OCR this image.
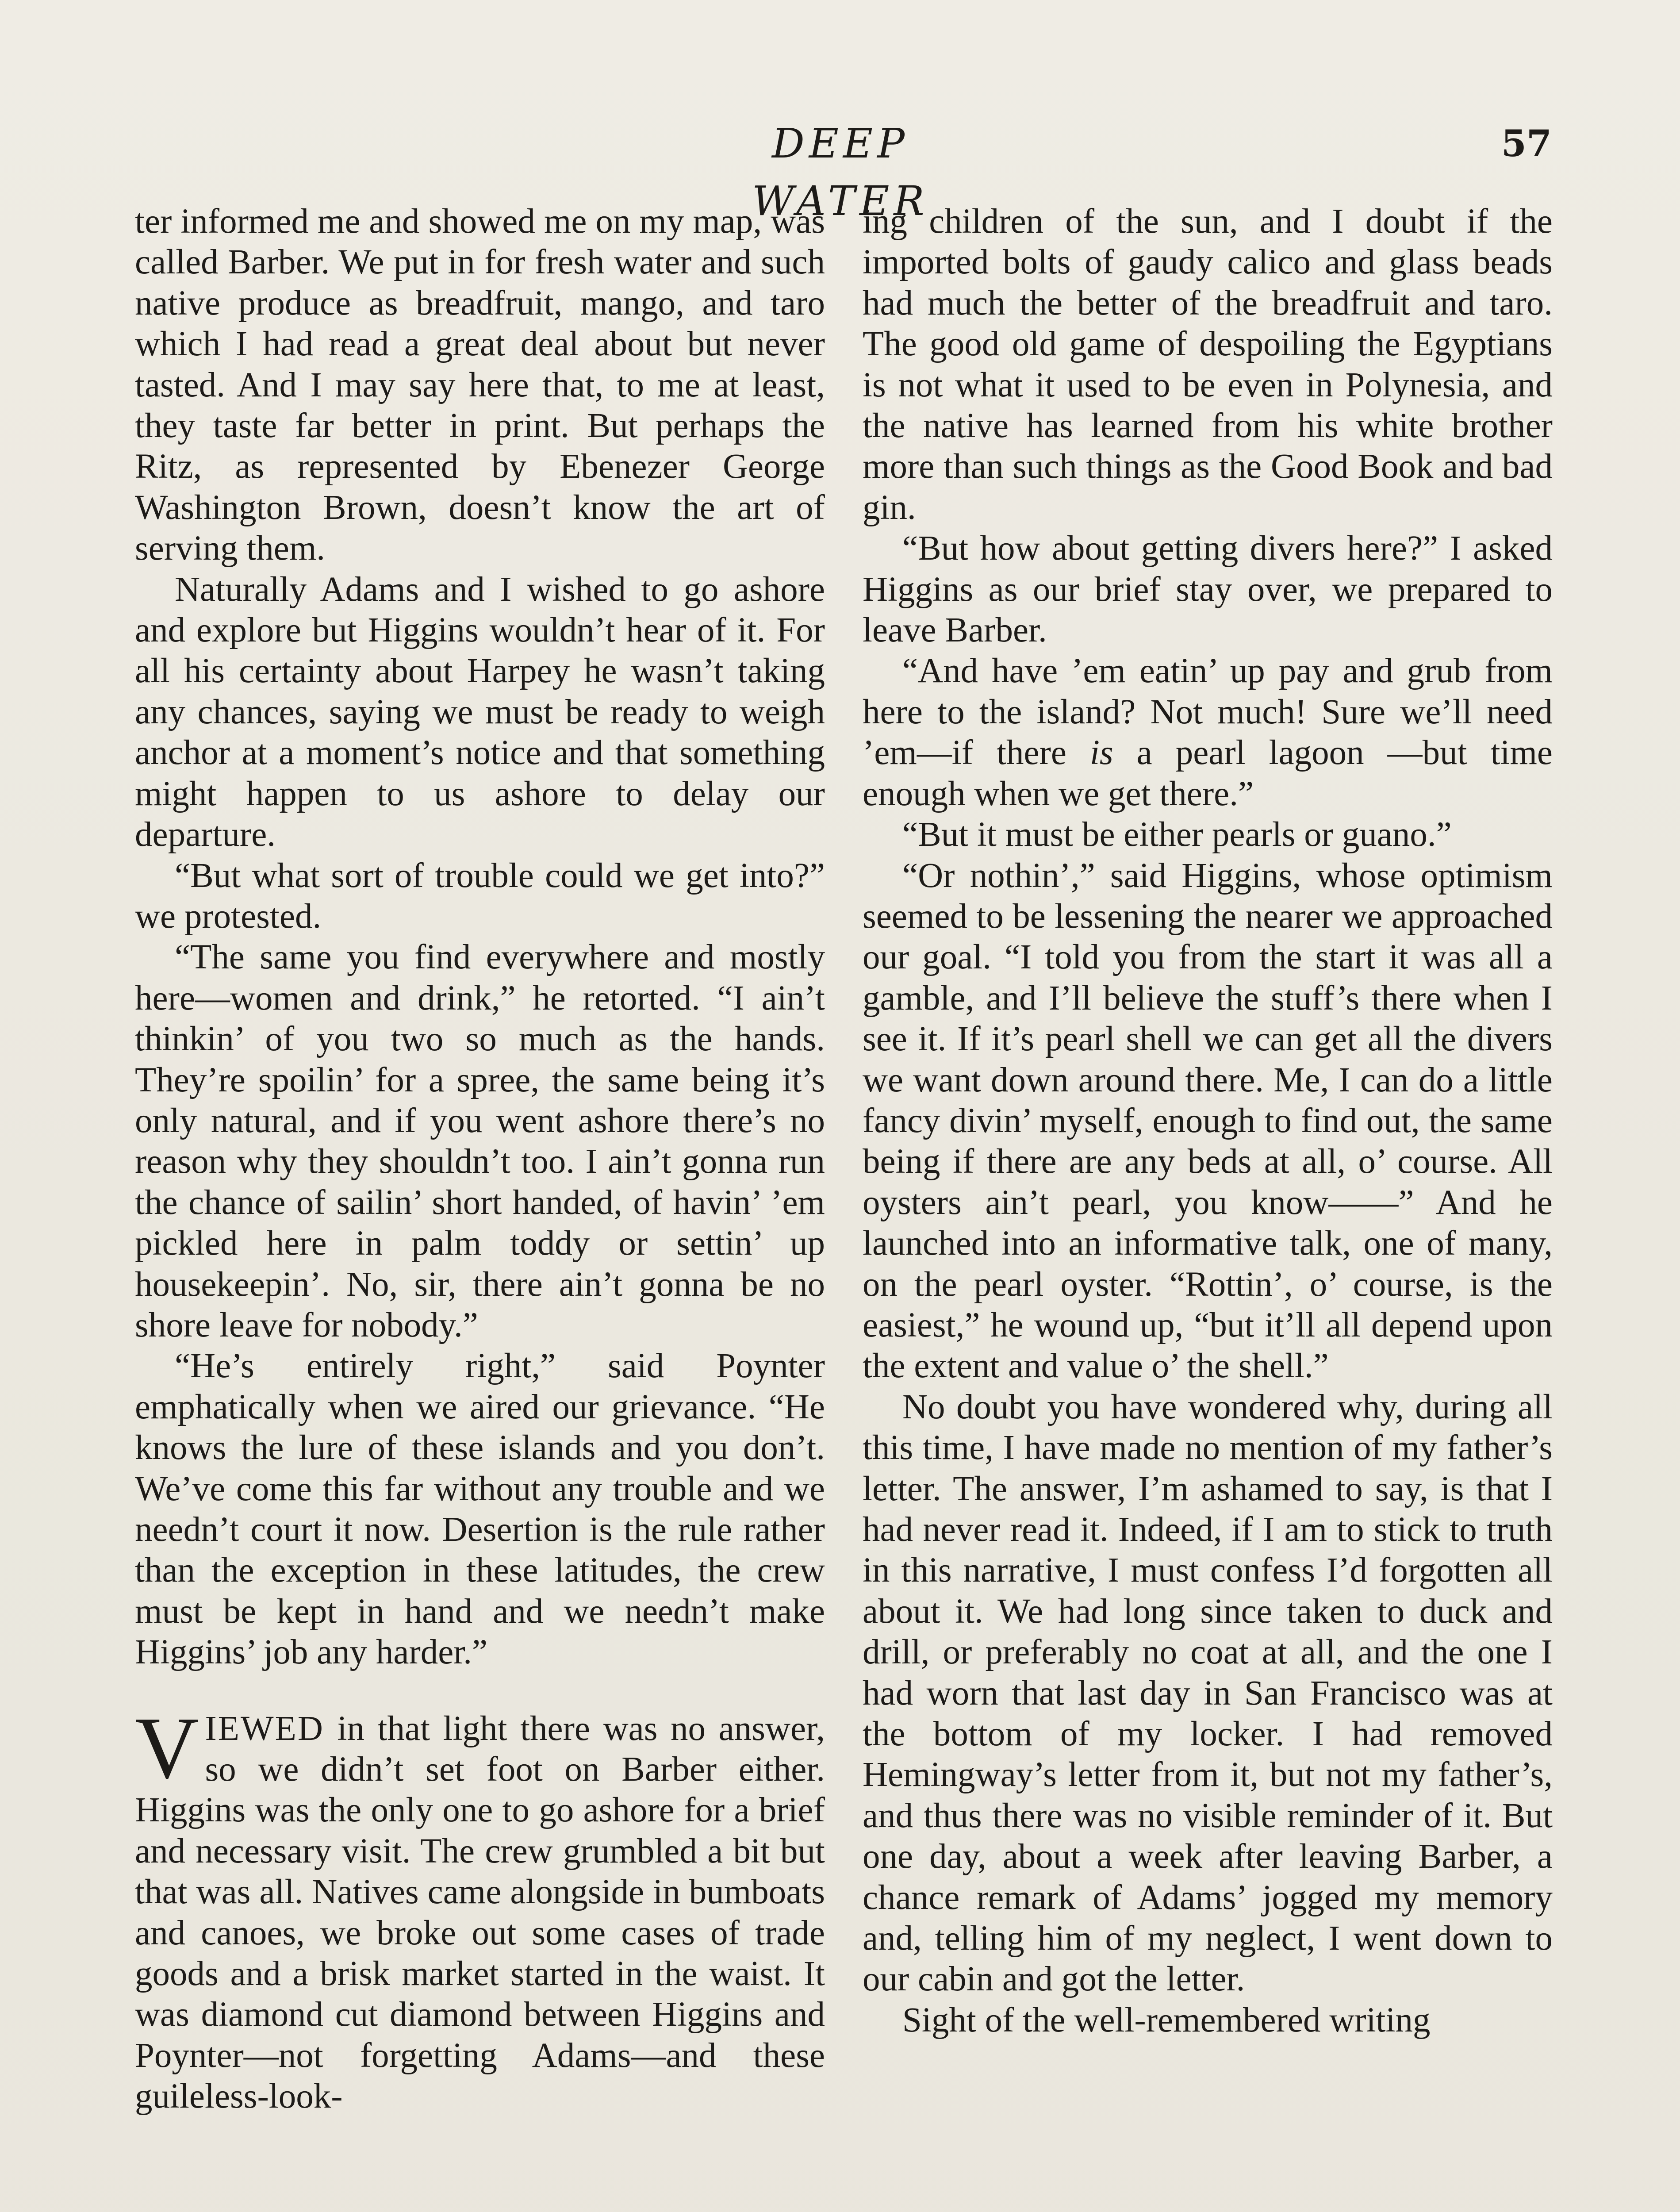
DEEP WATER
57

ter informed me and showed me on my map, was called Barber. We put in for fresh water and such native produce as breadfruit, mango, and taro which I had read a great deal about but never tasted. And I may say here that, to me at least, they taste far better in print. But perhaps the Ritz, as represented by Ebenezer George Washington Brown, doesn’t know the art of serving them.

Naturally Adams and I wished to go ashore and explore but Higgins wouldn’t hear of it. For all his certainty about Harpey he wasn’t taking any chances, saying we must be ready to weigh anchor at a moment’s notice and that something might happen to us ashore to delay our departure.

“But what sort of trouble could we get into?” we protested.

“The same you find everywhere and mostly here—women and drink,” he retorted. “I ain’t thinkin’ of you two so much as the hands. They’re spoilin’ for a spree, the same being it’s only natural, and if you went ashore there’s no reason why they shouldn’t too. I ain’t gonna run the chance of sailin’ short handed, of havin’ ’em pickled here in palm toddy or settin’ up housekeepin’. No, sir, there ain’t gonna be no shore leave for nobody.”

“He’s entirely right,” said Poynter emphatically when we aired our grievance. “He knows the lure of these islands and you don’t. We’ve come this far without any trouble and we needn’t court it now. Desertion is the rule rather than the exception in these latitudes, the crew must be kept in hand and we needn’t make Higgins’ job any harder.”

VIEWED in that light there was no answer, so we didn’t set foot on Barber either. Higgins was the only one to go ashore for a brief and necessary visit. The crew grumbled a bit but that was all. Natives came alongside in bumboats and canoes, we broke out some cases of trade goods and a brisk market started in the waist. It was diamond cut diamond between Higgins and Poynter—not forgetting Adams—and these guileless-look-

ing children of the sun, and I doubt if the imported bolts of gaudy calico and glass beads had much the better of the breadfruit and taro. The good old game of despoiling the Egyptians is not what it used to be even in Polynesia, and the native has learned from his white brother more than such things as the Good Book and bad gin.

“But how about getting divers here?” I asked Higgins as our brief stay over, we prepared to leave Barber.

“And have ’em eatin’ up pay and grub from here to the island? Not much! Sure we’ll need ’em—if there is a pearl lagoon —but time enough when we get there.”

“But it must be either pearls or guano.”

“Or nothin’,” said Higgins, whose optimism seemed to be lessening the nearer we approached our goal. “I told you from the start it was all a gamble, and I’ll believe the stuff’s there when I see it. If it’s pearl shell we can get all the divers we want down around there. Me, I can do a little fancy divin’ myself, enough to find out, the same being if there are any beds at all, o’ course. All oysters ain’t pearl, you know——” And he launched into an informative talk, one of many, on the pearl oyster. “Rottin’, o’ course, is the easiest,” he wound up, “but it’ll all depend upon the extent and value o’ the shell.”

No doubt you have wondered why, during all this time, I have made no mention of my father’s letter. The answer, I’m ashamed to say, is that I had never read it. Indeed, if I am to stick to truth in this narrative, I must confess I’d forgotten all about it. We had long since taken to duck and drill, or preferably no coat at all, and the one I had worn that last day in San Francisco was at the bottom of my locker. I had removed Hemingway’s letter from it, but not my father’s, and thus there was no visible reminder of it. But one day, about a week after leaving Barber, a chance remark of Adams’ jogged my memory and, telling him of my neglect, I went down to our cabin and got the letter.

Sight of the well-remembered writing
